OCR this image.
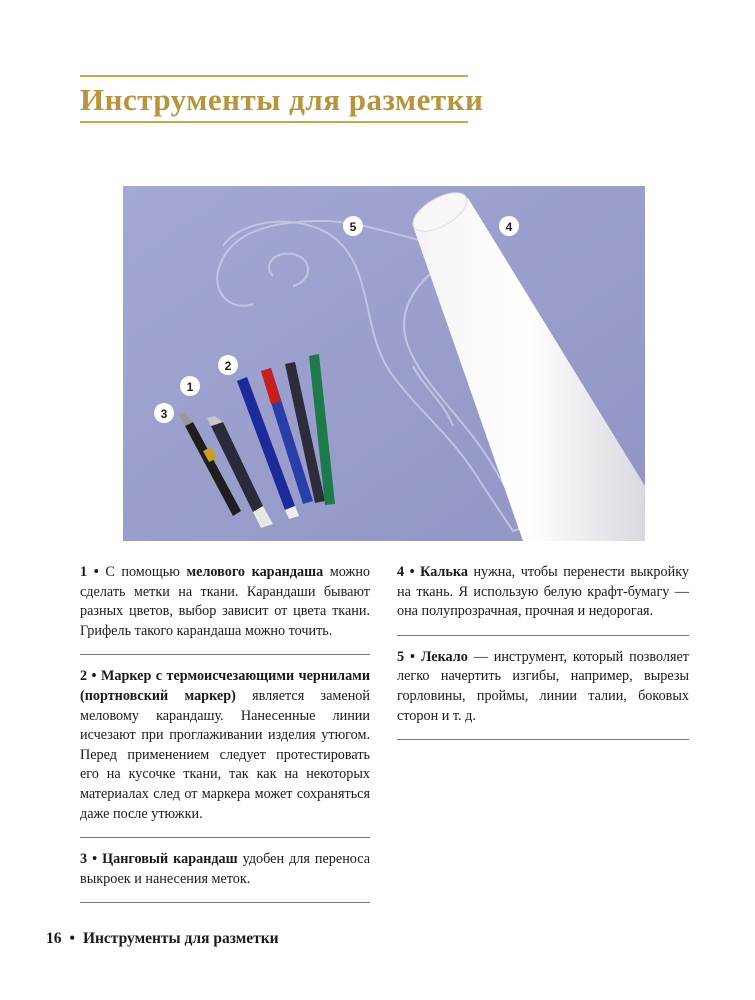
Инструменты для разметки
5	4
2
1
3

1 • С помощью мелового карандаша можно сделать метки на ткани. Карандаши бывают разных цветов, выбор зависит от цвета ткани. Грифель такого карандаша можно точить.

2 • Маркер с термоисчезающими чернилами (портновский маркер) является заменой меловому карандашу. Нанесенные линии исчезают при проглаживании изделия утюгом. Перед применением следует протестировать его на кусочке ткани, так как на некоторых материалах след от маркера может сохраняться даже после утюжки.

3 • Цанговый карандаш удобен для переноса выкроек и нанесения меток.

4 • Калька нужна, чтобы перенести выкройку на ткань. Я использую белую крафт-бумагу — она полупрозрачная, прочная и недорогая.

5 • Лекало — инструмент, который позволяет легко начертить изгибы, например, вырезы горловины, проймы, линии талии, боковых сторон и т. д.

16 • Инструменты для разметки
